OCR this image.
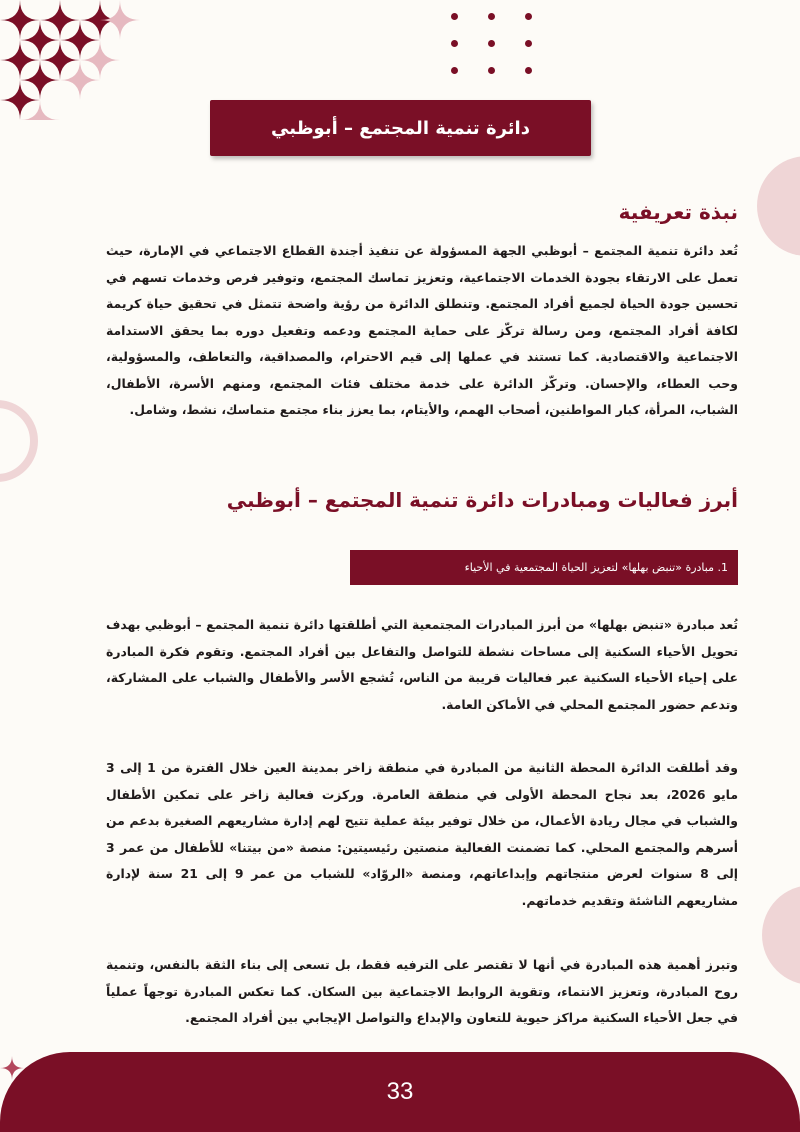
دائرة تنمية المجتمع – أبوظبي
نبذة تعريفية

تُعد دائرة تنمية المجتمع – أبوظبي الجهة المسؤولة عن تنفيذ أجندة القطاع الاجتماعي في الإمارة، حيث تعمل على الارتقاء بجودة الخدمات الاجتماعية، وتعزيز تماسك المجتمع، وتوفير فرص وخدمات تسهم في تحسين جودة الحياة لجميع أفراد المجتمع. وتنطلق الدائرة من رؤية واضحة تتمثل في تحقيق حياة كريمة لكافة أفراد المجتمع، ومن رسالة تركّز على حماية المجتمع ودعمه وتفعيل دوره بما يحقق الاستدامة الاجتماعية والاقتصادية. كما تستند في عملها إلى قيم الاحترام، والمصداقية، والتعاطف، والمسؤولية، وحب العطاء، والإحسان. وتركّز الدائرة على خدمة مختلف فئات المجتمع، ومنهم الأسرة، الأطفال، الشباب، المرأة، كبار المواطنين، أصحاب الهمم، والأيتام، بما يعزز بناء مجتمع متماسك، نشط، وشامل.

أبرز فعاليات ومبادرات دائرة تنمية المجتمع – أبوظبي
1. مبادرة «تنبض بهلها» لتعزيز الحياة المجتمعية في الأحياء

تُعد مبادرة «تنبض بهلها» من أبرز المبادرات المجتمعية التي أطلقتها دائرة تنمية المجتمع – أبوظبي بهدف تحويل الأحياء السكنية إلى مساحات نشطة للتواصل والتفاعل بين أفراد المجتمع. وتقوم فكرة المبادرة على إحياء الأحياء السكنية عبر فعاليات قريبة من الناس، تُشجع الأسر والأطفال والشباب على المشاركة، وتدعم حضور المجتمع المحلي في الأماكن العامة.

وقد أطلقت الدائرة المحطة الثانية من المبادرة في منطقة زاخر بمدينة العين خلال الفترة من 1 إلى 3 مايو 2026، بعد نجاح المحطة الأولى في منطقة العامرة. وركزت فعالية زاخر على تمكين الأطفال والشباب في مجال ريادة الأعمال، من خلال توفير بيئة عملية تتيح لهم إدارة مشاريعهم الصغيرة بدعم من أسرهم والمجتمع المحلي. كما تضمنت الفعالية منصتين رئيسيتين: منصة «من بيتنا» للأطفال من عمر 3 إلى 8 سنوات لعرض منتجاتهم وإبداعاتهم، ومنصة «الروّاد» للشباب من عمر 9 إلى 21 سنة لإدارة مشاريعهم الناشئة وتقديم خدماتهم.

وتبرز أهمية هذه المبادرة في أنها لا تقتصر على الترفيه فقط، بل تسعى إلى بناء الثقة بالنفس، وتنمية روح المبادرة، وتعزيز الانتماء، وتقوية الروابط الاجتماعية بين السكان. كما تعكس المبادرة توجهاً عملياً في جعل الأحياء السكنية مراكز حيوية للتعاون والإبداع والتواصل الإيجابي بين أفراد المجتمع.

33
